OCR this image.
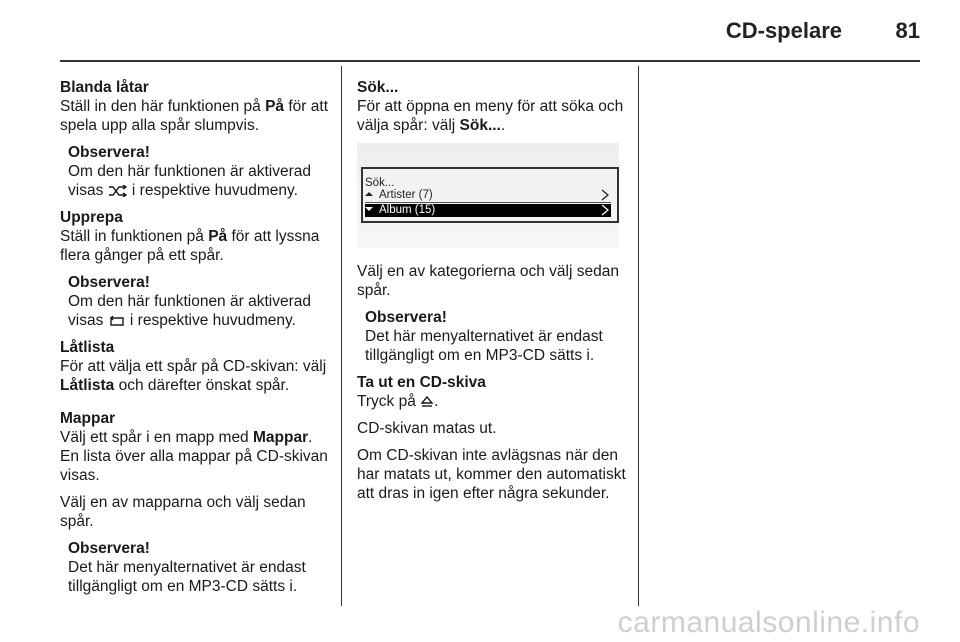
CD-spelare 81
Blanda låtar

Ställ in den här funktionen på På för att spela upp alla spår slumpvis.

Observera!
Om den här funktionen är aktiverad visas  i respektive huvudmeny.
Upprepa

Ställ in funktionen på På för att lyssna flera gånger på ett spår.

Observera!
Om den här funktionen är aktiverad visas  i respektive huvudmeny.
Låtlista

För att välja ett spår på CD-skivan: välj Låtlista och därefter önskat spår.

Mappar

Välj ett spår i en mapp med Mappar. En lista över alla mappar på CD-skivan visas.

Välj en av mapparna och välj sedan spår.

Observera!
Det här menyalternativet är endast tillgängligt om en MP3-CD sätts i.
Sök...

För att öppna en meny för att söka och välja spår: välj Sök....

Sök...
Artister (7)
Album (15)

Välj en av kategorierna och välj sedan spår.

Observera!
Det här menyalternativet är endast tillgängligt om en MP3-CD sätts i.
Ta ut en CD-skiva

Tryck på .

CD-skivan matas ut.

Om CD-skivan inte avlägsnas när den har matats ut, kommer den automatiskt att dras in igen efter några sekunder.

carmanualsonline.info
